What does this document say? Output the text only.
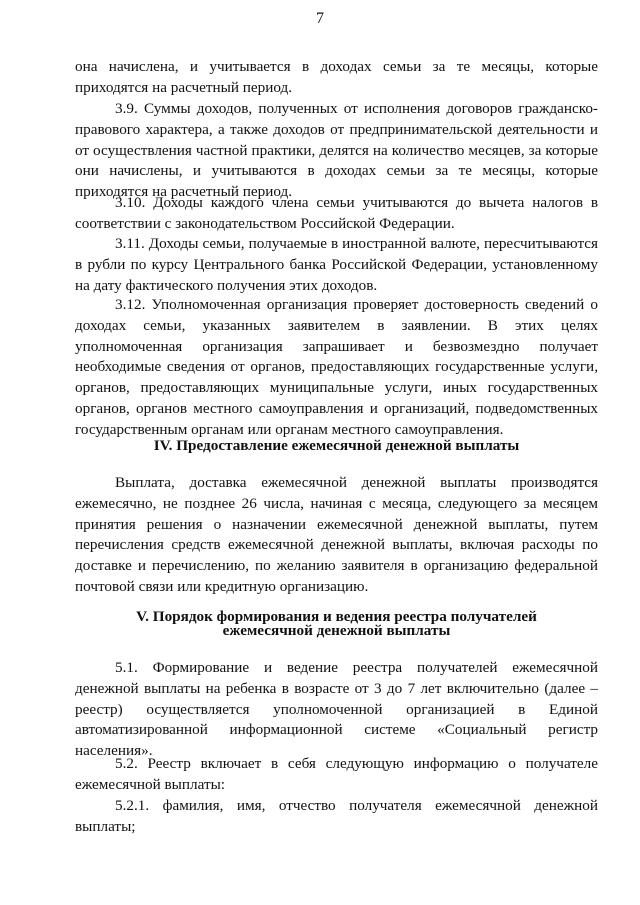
7

она начислена, и учитывается в доходах семьи за те месяцы, которые приходятся на расчетный период.

3.9. Суммы доходов, полученных от исполнения договоров гражданско-правового характера, а также доходов от предпринимательской деятельности и от осуществления частной практики, делятся на количество месяцев, за которые они начислены, и учитываются в доходах семьи за те месяцы, которые приходятся на расчетный период.

3.10. Доходы каждого члена семьи учитываются до вычета налогов в соответствии с законодательством Российской Федерации.

3.11. Доходы семьи, получаемые в иностранной валюте, пересчитываются в рубли по курсу Центрального банка Российской Федерации, установленному на дату фактического получения этих доходов.

3.12. Уполномоченная организация проверяет достоверность сведений о доходах семьи, указанных заявителем в заявлении. В этих целях уполномоченная организация запрашивает и безвозмездно получает необходимые сведения от органов, предоставляющих государственные услуги, органов, предоставляющих муниципальные услуги, иных государственных органов, органов местного самоуправления и организаций, подведомственных государственным органам или органам местного самоуправления.

IV. Предоставление ежемесячной денежной выплаты

Выплата, доставка ежемесячной денежной выплаты производятся ежемесячно, не позднее 26 числа, начиная с месяца, следующего за месяцем принятия решения о назначении ежемесячной денежной выплаты, путем перечисления средств ежемесячной денежной выплаты, включая расходы по доставке и перечислению, по желанию заявителя в организацию федеральной почтовой связи или кредитную организацию.

V. Порядок формирования и ведения реестра получателей
ежемесячной денежной выплаты

5.1. Формирование и ведение реестра получателей ежемесячной денежной выплаты на ребенка в возрасте от 3 до 7 лет включительно (далее – реестр) осуществляется уполномоченной организацией в Единой автоматизированной информационной системе «Социальный регистр населения».

5.2. Реестр включает в себя следующую информацию о получателе ежемесячной выплаты:

5.2.1. фамилия, имя, отчество получателя ежемесячной денежной выплаты;
